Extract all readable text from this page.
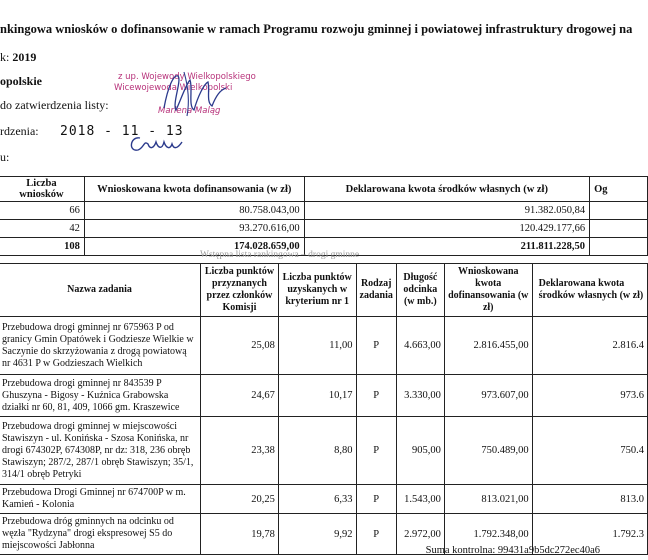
nkingowa wniosków o dofinansowanie w ramach Programu rozwoju gminnej i powiatowej infrastruktury drogowej na
k: 2019
opolskie
do zatwierdzenia listy:
rdzenia: 2018 - 11 - 13
u:
z up. Wojewody Wielkopolskiego
Wicewojewoda Wielkopolski
Marlena Maląg
Liczba wniosków	Wnioskowana kwota dofinansowania (w zł)	Deklarowana kwota środków własnych (w zł)	Og
66	80.758.043,00	91.382.050,84	
42	93.270.616,00	120.429.177,66	
108	174.028.659,00	211.811.228,50	
Wstępna lista rankingowa – drogi gminne
Nazwa zadania	Liczba punktów przyznanych przez członków Komisji	Liczba punktów uzyskanych w kryterium nr 1	Rodzaj zadania	Długość odcinka (w mb.)	Wnioskowana kwota dofinansowania (w zł)	Deklarowana kwota środków własnych (w zł)
Przebudowa drogi gminnej nr 675963 P od granicy Gmin Opatówek i Godziesze Wielkie w Saczynie do skrzyżowania z drogą powiatową nr 4631 P w Godzieszach Wielkich	25,08	11,00	P	4.663,00	2.816.455,00	2.816.4
Przebudowa drogi gminnej nr 843539 P Ghuszyna - Bigosy - Kuźnica Grabowska działki nr 60, 81, 409, 1066 gm. Kraszewice	24,67	10,17	P	3.330,00	973.607,00	973.6
Przebudowa drogi gminnej w miejscowości Stawiszyn - ul. Konińska - Szosa Konińska, nr drogi 674302P, 674308P, nr dz: 318, 236 obręb Stawiszyn; 287/2, 287/1 obręb Stawiszyn; 35/1, 314/1 obręb Petryki	23,38	8,80	P	905,00	750.489,00	750.4
Przebudowa Drogi Gminnej nr 674700P w m. Kamień - Kolonia	20,25	6,33	P	1.543,00	813.021,00	813.0
Przebudowa dróg gminnych na odcinku od węzła "Rydzyna" drogi ekspresowej S5 do miejscowości Jabłonna	19,78	9,92	P	2.972,00	1.792.348,00	1.792.3
Suma kontrolna: 99431a9b5dc272ec40a6
